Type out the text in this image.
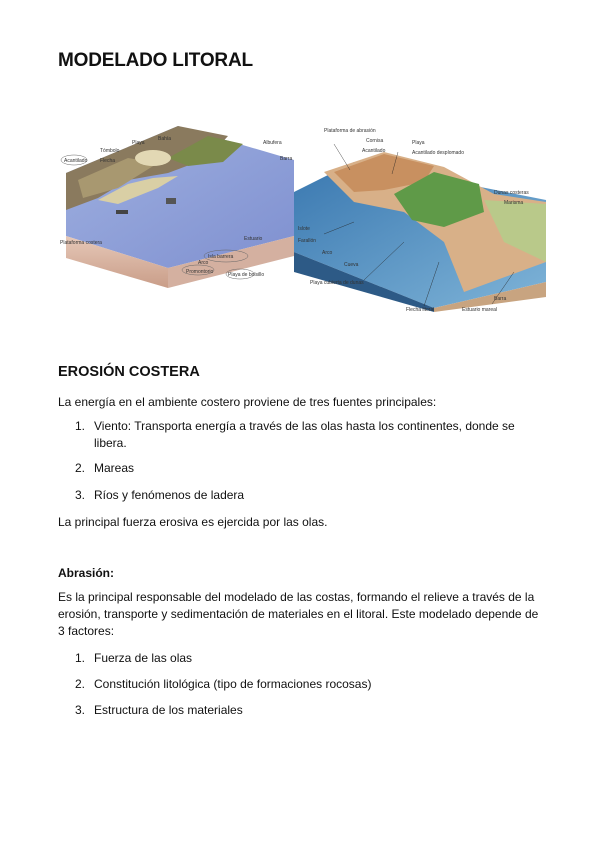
MODELADO LITORAL
Acantilado
Tómbolo
Flecha
Playa
Bahía
Albufera
Barra
Plataforma costera
Estuario
Isla barrera
Arco
Promontorio	Playa de bolsillo
Plataforma de abrasión
Cornisa
Acantilado
Playa
Acantilado desplomado
Dunas costeras
Marisma
Islote
Farallón
Arco
Cueva
Playa cubierta de dunas
Flecha litoral	Estuario mareal
Barra
EROSIÓN COSTERA

La energía en el ambiente costero proviene de tres fuentes principales:

1. Viento: Transporta energía a través de las olas hasta los continentes, donde se libera.
2. Mareas
3. Ríos y fenómenos de ladera

La principal fuerza erosiva es ejercida por las olas.

Abrasión:

Es la principal responsable del modelado de las costas, formando el relieve a través de la erosión, transporte y sedimentación de materiales en el litoral. Este modelado depende de 3 factores:

1. Fuerza de las olas
2. Constitución litológica (tipo de formaciones rocosas)
3. Estructura de los materiales
